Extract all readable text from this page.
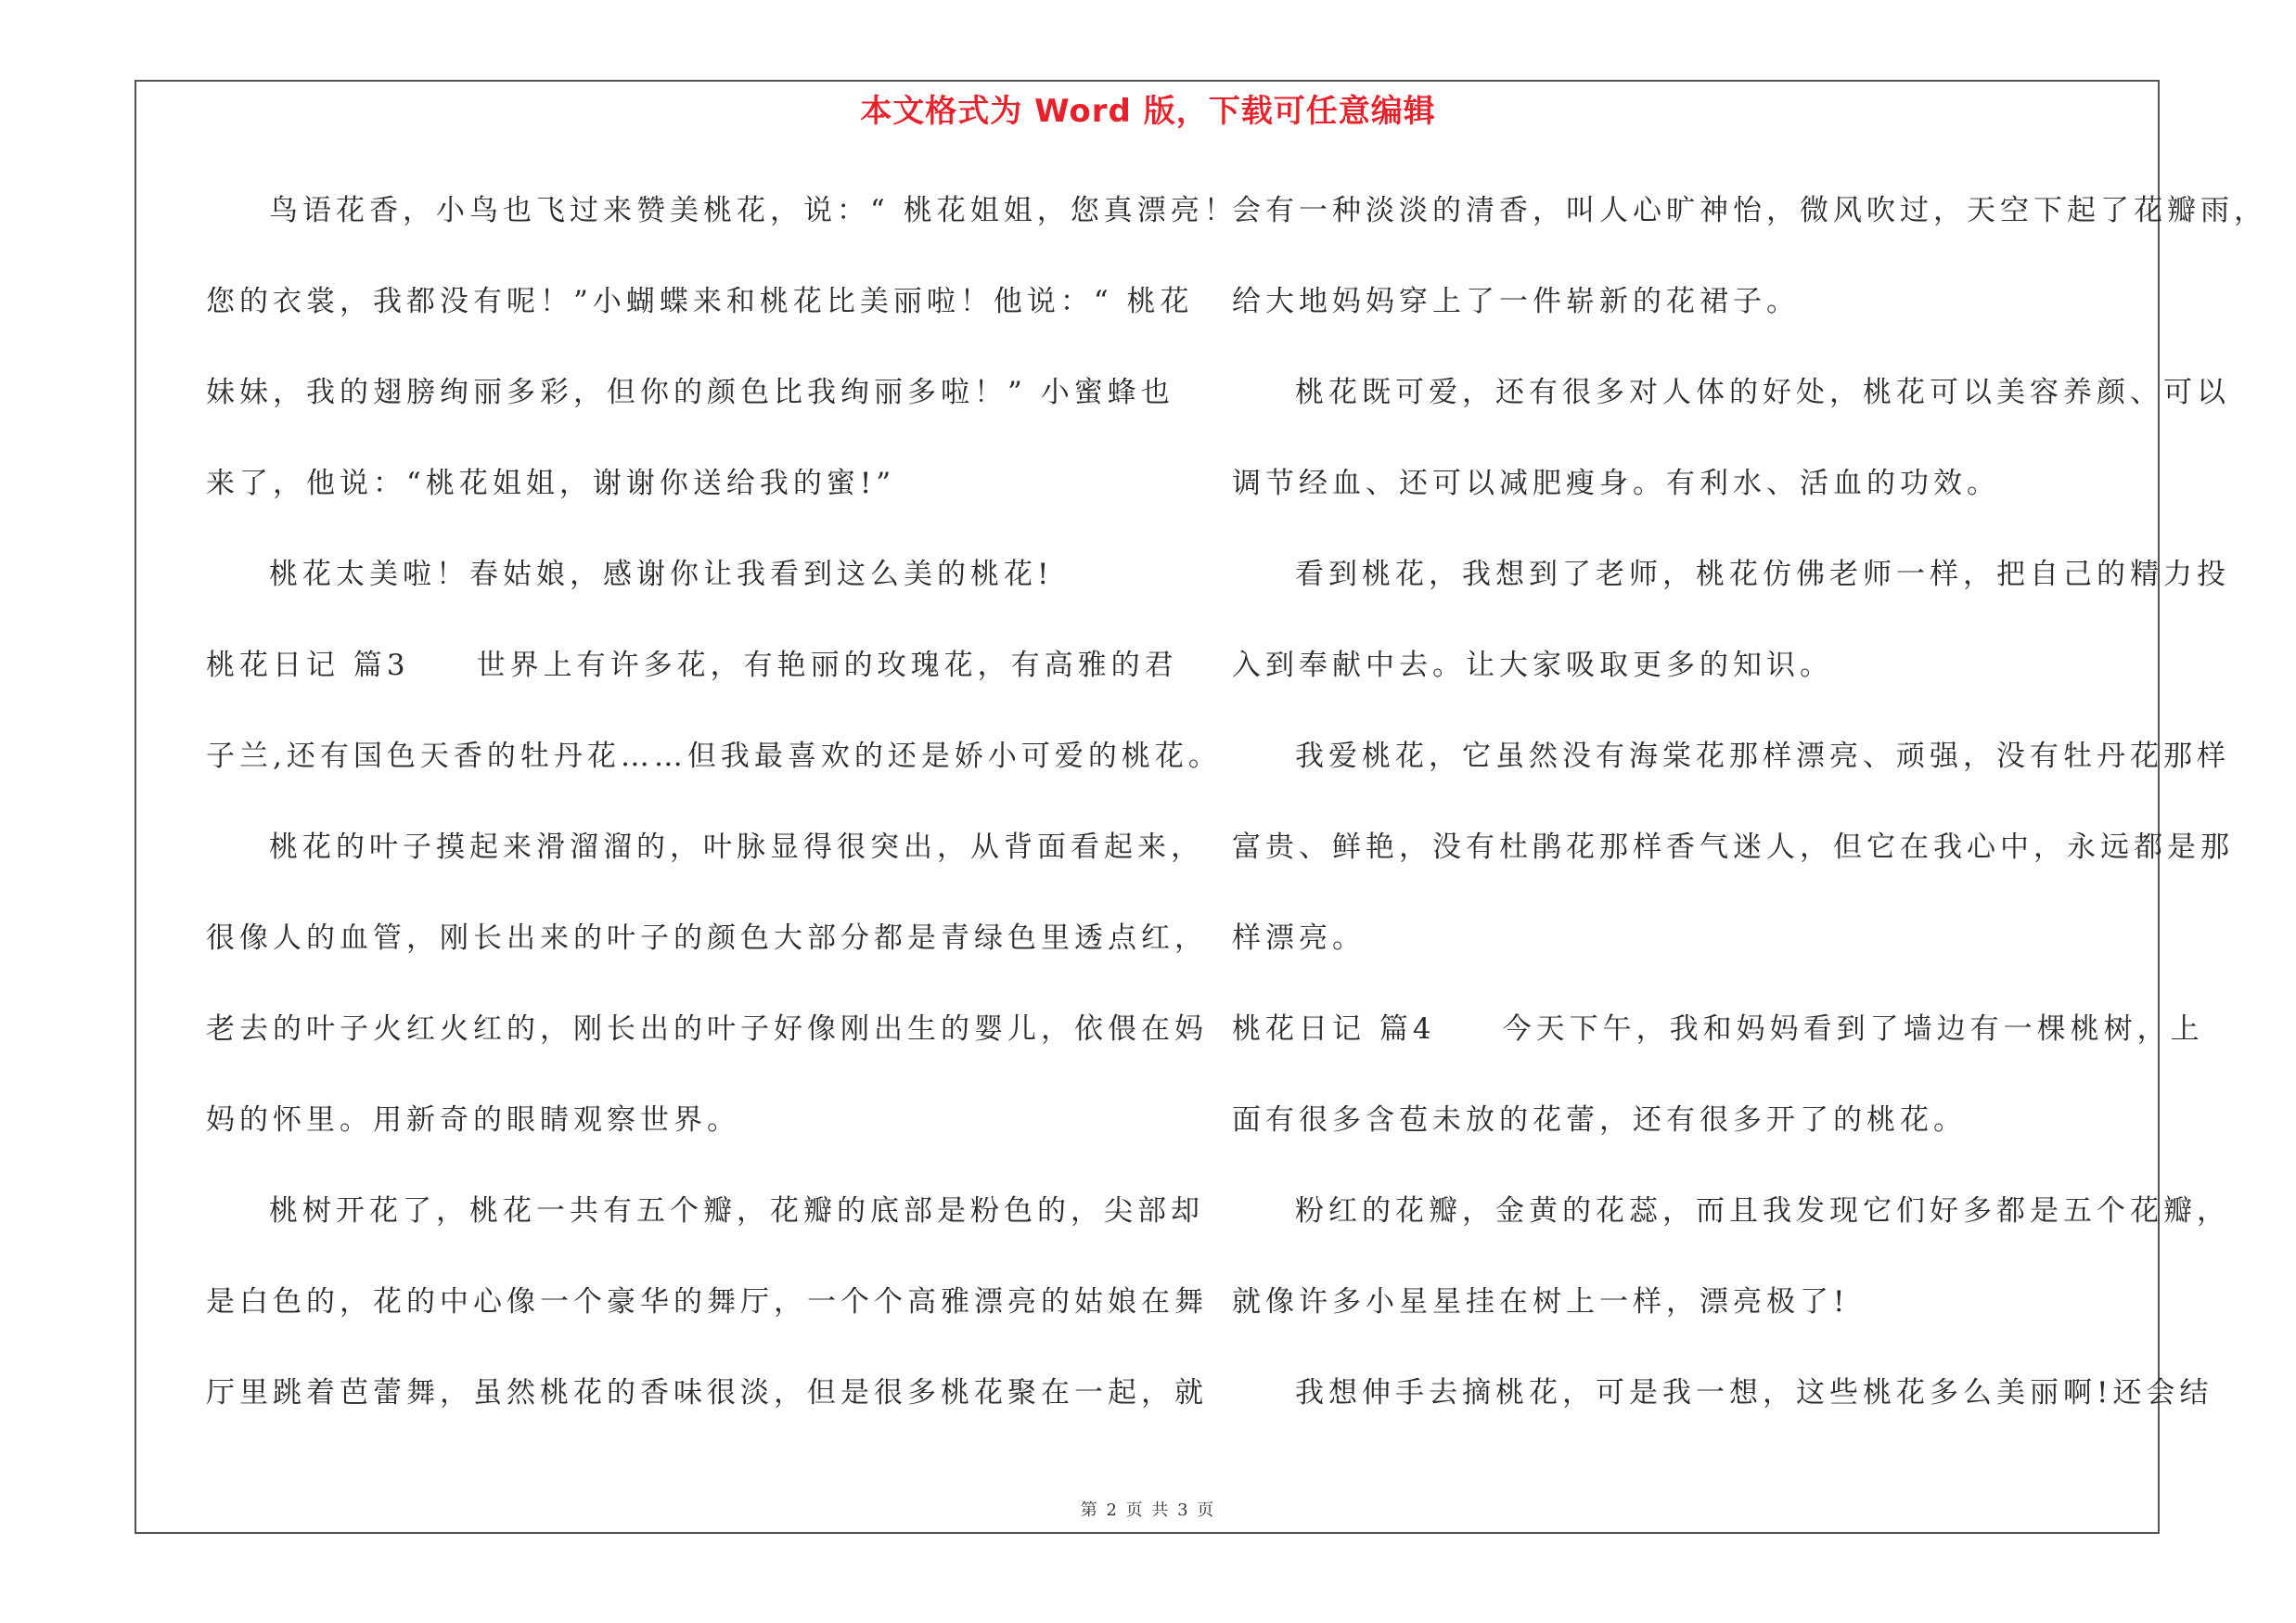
本文格式为 Word 版，下载可任意编辑
鸟语花香，小鸟也飞过来赞美桃花，说：“ 桃花姐姐，您真漂亮！
您的衣裳，我都没有呢！”小蝴蝶来和桃花比美丽啦！他说：“ 桃花
妹妹，我的翅膀绚丽多彩，但你的颜色比我绚丽多啦！” 小蜜蜂也
来了，他说：“桃花姐姐，谢谢你送给我的蜜!”
桃花太美啦！春姑娘，感谢你让我看到这么美的桃花!
桃花日记 篇3　　世界上有许多花，有艳丽的玫瑰花，有高雅的君
子兰,还有国色天香的牡丹花……但我最喜欢的还是娇小可爱的桃花。
桃花的叶子摸起来滑溜溜的，叶脉显得很突出，从背面看起来，
很像人的血管，刚长出来的叶子的颜色大部分都是青绿色里透点红，
老去的叶子火红火红的，刚长出的叶子好像刚出生的婴儿，依偎在妈
妈的怀里。用新奇的眼睛观察世界。
桃树开花了，桃花一共有五个瓣，花瓣的底部是粉色的，尖部却
是白色的，花的中心像一个豪华的舞厅，一个个高雅漂亮的姑娘在舞
厅里跳着芭蕾舞，虽然桃花的香味很淡，但是很多桃花聚在一起，就
会有一种淡淡的清香，叫人心旷神怡，微风吹过，天空下起了花瓣雨，
给大地妈妈穿上了一件崭新的花裙子。
桃花既可爱，还有很多对人体的好处，桃花可以美容养颜、可以
调节经血、还可以减肥瘦身。有利水、活血的功效。
看到桃花，我想到了老师，桃花仿佛老师一样，把自己的精力投
入到奉献中去。让大家吸取更多的知识。
我爱桃花，它虽然没有海棠花那样漂亮、顽强，没有牡丹花那样
富贵、鲜艳，没有杜鹃花那样香气迷人，但它在我心中，永远都是那
样漂亮。
桃花日记 篇4　　今天下午，我和妈妈看到了墙边有一棵桃树，上
面有很多含苞未放的花蕾，还有很多开了的桃花。
粉红的花瓣，金黄的花蕊，而且我发现它们好多都是五个花瓣，
就像许多小星星挂在树上一样，漂亮极了!
我想伸手去摘桃花，可是我一想，这些桃花多么美丽啊!还会结
第 2 页 共 3 页
